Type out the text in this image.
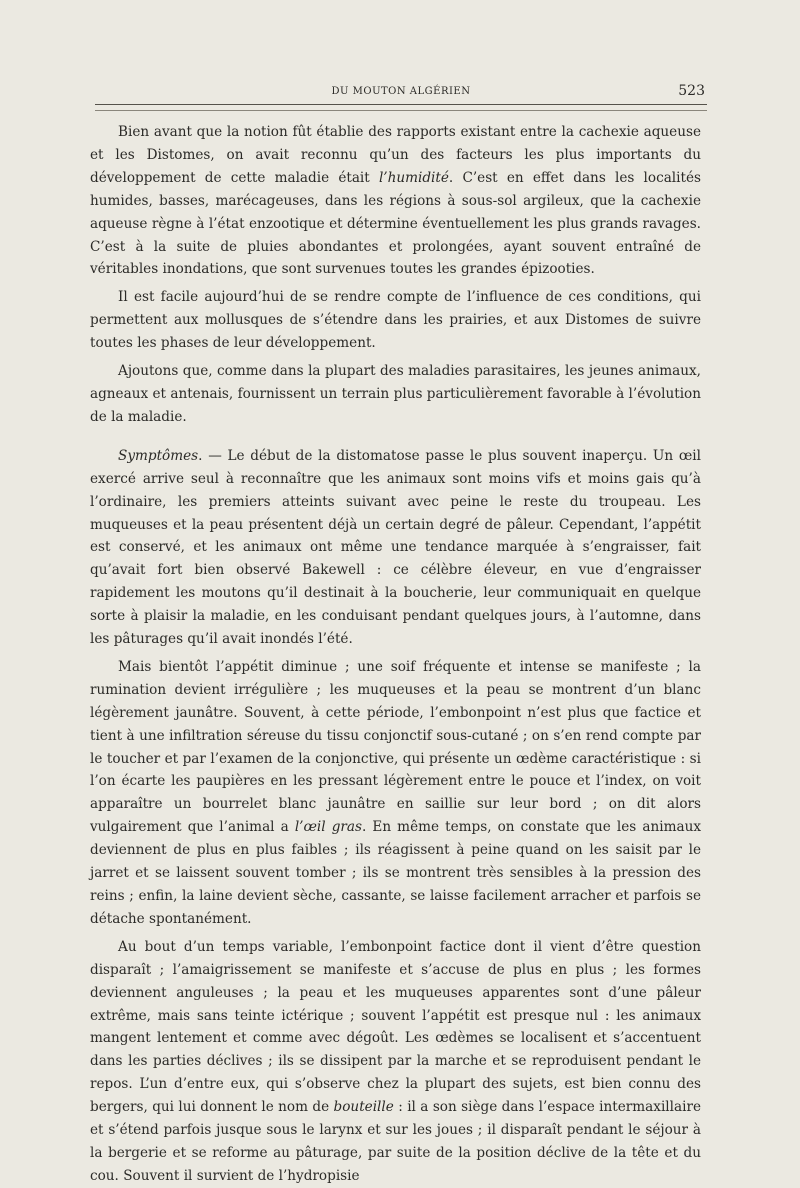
DU MOUTON ALGÉRIEN	523

Bien avant que la notion fût établie des rapports existant entre la cachexie aqueuse et les Distomes, on avait reconnu qu’un des facteurs les plus importants du développement de cette maladie était l’humidité. C’est en effet dans les localités humides, basses, marécageuses, dans les régions à sous-sol argileux, que la cachexie aqueuse règne à l’état enzootique et détermine éventuellement les plus grands ravages. C’est à la suite de pluies abondantes et prolongées, ayant souvent entraîné de véritables inondations, que sont survenues toutes les grandes épizooties.

Il est facile aujourd’hui de se rendre compte de l’influence de ces conditions, qui permettent aux mollusques de s’étendre dans les prairies, et aux Distomes de suivre toutes les phases de leur développement.

Ajoutons que, comme dans la plupart des maladies parasitaires, les jeunes animaux, agneaux et antenais, fournissent un terrain plus particulièrement favorable à l’évolution de la maladie.

Symptômes. — Le début de la distomatose passe le plus souvent inaperçu. Un œil exercé arrive seul à reconnaître que les animaux sont moins vifs et moins gais qu’à l’ordinaire, les premiers atteints suivant avec peine le reste du troupeau. Les muqueuses et la peau présentent déjà un certain degré de pâleur. Cependant, l’appétit est conservé, et les animaux ont même une tendance marquée à s’engraisser, fait qu’avait fort bien observé Bakewell : ce célèbre éleveur, en vue d’engraisser rapidement les moutons qu’il destinait à la boucherie, leur communiquait en quelque sorte à plaisir la maladie, en les conduisant pendant quelques jours, à l’automne, dans les pâturages qu’il avait inondés l’été.

Mais bientôt l’appétit diminue ; une soif fréquente et intense se manifeste ; la rumination devient irrégulière ; les muqueuses et la peau se montrent d’un blanc légèrement jaunâtre. Souvent, à cette période, l’embonpoint n’est plus que factice et tient à une infiltration séreuse du tissu conjonctif sous-cutané ; on s’en rend compte par le toucher et par l’examen de la conjonctive, qui présente un œdème caractéristique : si l’on écarte les paupières en les pressant légèrement entre le pouce et l’index, on voit apparaître un bourrelet blanc jaunâtre en saillie sur leur bord ; on dit alors vulgairement que l’animal a l’œil gras. En même temps, on constate que les animaux deviennent de plus en plus faibles ; ils réagissent à peine quand on les saisit par le jarret et se laissent souvent tomber ; ils se montrent très sensibles à la pression des reins ; enfin, la laine devient sèche, cassante, se laisse facilement arracher et parfois se détache spontanément.

Au bout d’un temps variable, l’embonpoint factice dont il vient d’être question disparaît ; l’amaigrissement se manifeste et s’accuse de plus en plus ; les formes deviennent anguleuses ; la peau et les muqueuses apparentes sont d’une pâleur extrême, mais sans teinte ictérique ; souvent l’appétit est presque nul : les animaux mangent lentement et comme avec dégoût. Les œdèmes se localisent et s’accentuent dans les parties déclives ; ils se dissipent par la marche et se reproduisent pendant le repos. L’un d’entre eux, qui s’observe chez la plupart des sujets, est bien connu des bergers, qui lui donnent le nom de bouteille : il a son siège dans l’espace intermaxillaire et s’étend parfois jusque sous le larynx et sur les joues ; il disparaît pendant le séjour à la bergerie et se reforme au pâturage, par suite de la position déclive de la tête et du cou. Souvent il survient de l’hydropisie
